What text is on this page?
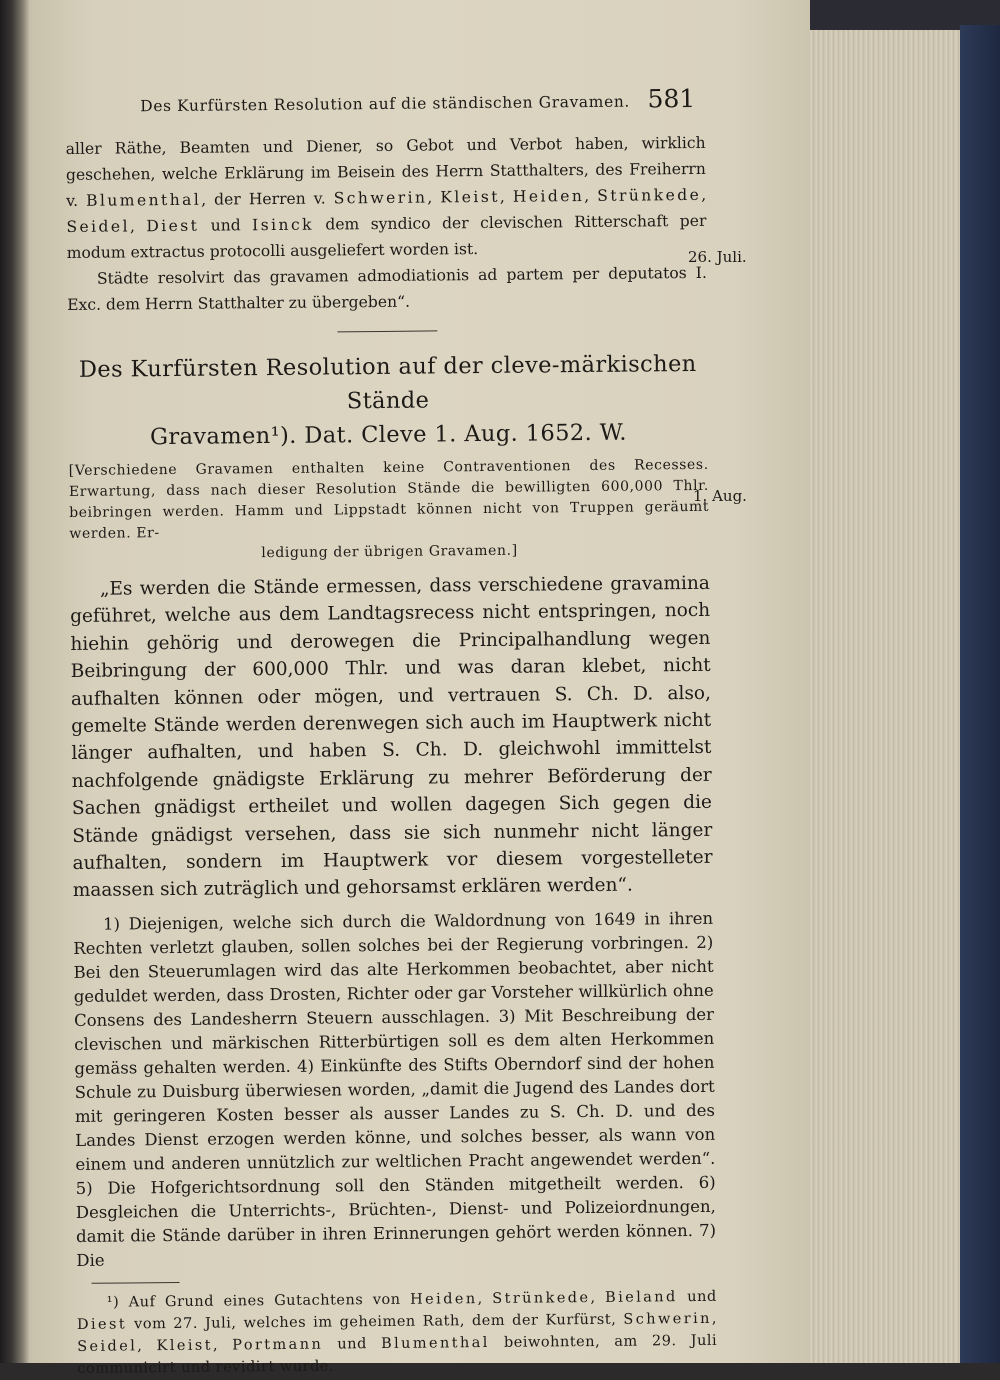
Des Kurfürsten Resolution auf die ständischen Gravamen. 581
aller Räthe, Beamten und Diener, so Gebot und Verbot haben, wirklich geschehen, welche Erklärung im Beisein des Herrn Statthalters, des Freiherrn v. Blumenthal, der Herren v. Schwerin, Kleist, Heiden, Strünkede, Seidel, Diest und Isinck dem syndico der clevischen Ritterschaft per modum extractus protocolli ausgeliefert worden ist.
Städte resolvirt das gravamen admodiationis ad partem per deputatos I. Exc. dem Herrn Statthalter zu übergeben“.
Des Kurfürsten Resolution auf der cleve-märkischen Stände
Gravamen¹). Dat. Cleve 1. Aug. 1652. W.
[Verschiedene Gravamen enthalten keine Contraventionen des Recesses. Erwartung, dass nach dieser Resolution Stände die bewilligten 600,000 Thlr. beibringen werden. Hamm und Lippstadt können nicht von Truppen geräumt werden. Er-
ledigung der übrigen Gravamen.]
„Es werden die Stände ermessen, dass verschiedene gravamina geführet, welche aus dem Landtagsrecess nicht entspringen, noch hiehin gehörig und derowegen die Principalhandlung wegen Beibringung der 600,000 Thlr. und was daran klebet, nicht aufhalten können oder mögen, und vertrauen S. Ch. D. also, gemelte Stände werden derenwegen sich auch im Hauptwerk nicht länger aufhalten, und haben S. Ch. D. gleichwohl immittelst nachfolgende gnädigste Erklärung zu mehrer Beförderung der Sachen gnädigst ertheilet und wollen dagegen Sich gegen die Stände gnädigst versehen, dass sie sich nunmehr nicht länger aufhalten, sondern im Hauptwerk vor diesem vorgestelleter maassen sich zuträglich und gehorsamst erklären werden“.
1) Diejenigen, welche sich durch die Waldordnung von 1649 in ihren Rechten verletzt glauben, sollen solches bei der Regierung vorbringen. 2) Bei den Steuerumlagen wird das alte Herkommen beobachtet, aber nicht geduldet werden, dass Drosten, Richter oder gar Vorsteher willkürlich ohne Consens des Landesherrn Steuern ausschlagen. 3) Mit Beschreibung der clevischen und märkischen Ritterbürtigen soll es dem alten Herkommen gemäss gehalten werden. 4) Einkünfte des Stifts Oberndorf sind der hohen Schule zu Duisburg überwiesen worden, „damit die Jugend des Landes dort mit geringeren Kosten besser als ausser Landes zu S. Ch. D. und des Landes Dienst erzogen werden könne, und solches besser, als wann von einem und anderen unnützlich zur weltlichen Pracht angewendet werden“. 5) Die Hofgerichtsordnung soll den Ständen mitgetheilt werden. 6) Desgleichen die Unterrichts-, Brüchten-, Dienst- und Polizeiordnungen, damit die Stände darüber in ihren Erinnerungen gehört werden können. 7) Die
¹) Auf Grund eines Gutachtens von Heiden, Strünkede, Bieland und Diest vom 27. Juli, welches im geheimen Rath, dem der Kurfürst, Schwerin, Seidel, Kleist, Portmann und Blumenthal beiwohnten, am 29. Juli communicirt und revidirt wurde.
26. Juli.
1. Aug.
